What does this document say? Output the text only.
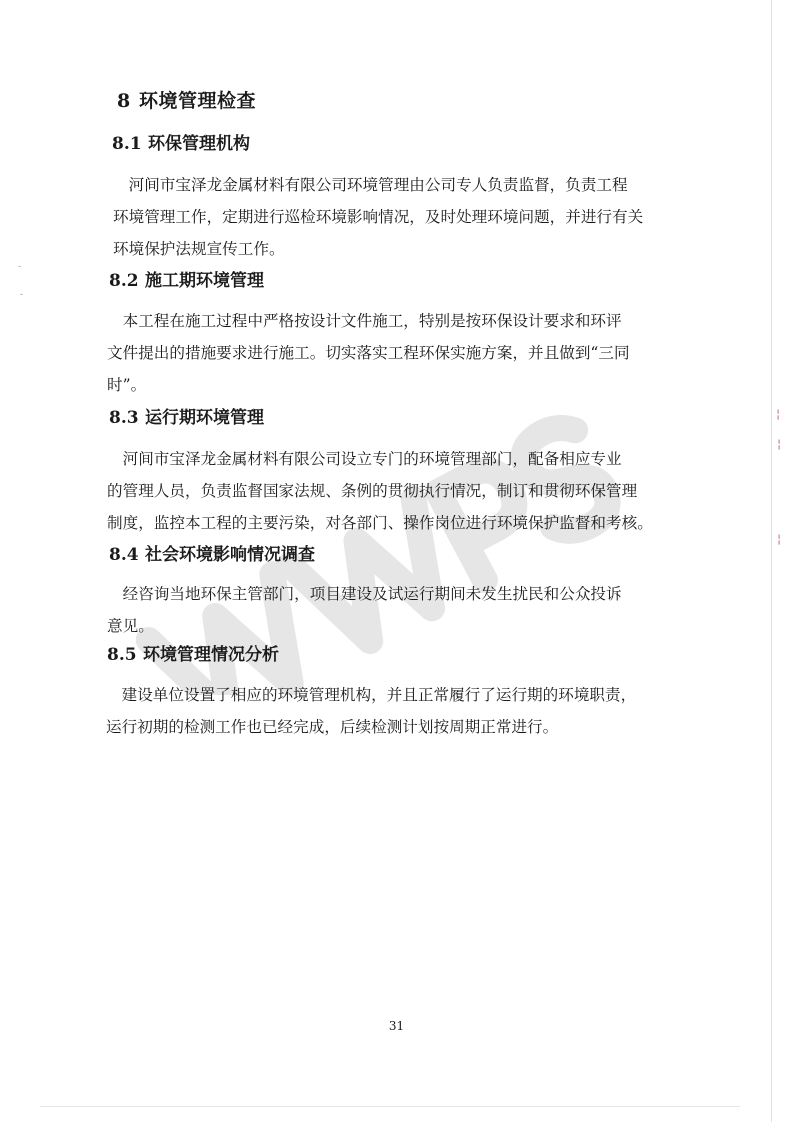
8 环境管理检查
8.1 环保管理机构
　河间市宝泽龙金属材料有限公司环境管理由公司专人负责监督，负责工程
环境管理工作，定期进行巡检环境影响情况，及时处理环境问题，并进行有关
环境保护法规宣传工作。
8.2 施工期环境管理
　本工程在施工过程中严格按设计文件施工，特别是按环保设计要求和环评
文件提出的措施要求进行施工。切实落实工程环保实施方案，并且做到“三同
时”。
8.3 运行期环境管理
　河间市宝泽龙金属材料有限公司设立专门的环境管理部门，配备相应专业
的管理人员，负责监督国家法规、条例的贯彻执行情况，制订和贯彻环保管理
制度，监控本工程的主要污染，对各部门、操作岗位进行环境保护监督和考核。
8.4 社会环境影响情况调查
　经咨询当地环保主管部门，项目建设及试运行期间未发生扰民和公众投诉
意见。
8.5 环境管理情况分析
　建设单位设置了相应的环境管理机构，并且正常履行了运行期的环境职责，
运行初期的检测工作也已经完成，后续检测计划按周期正常进行。
31
╎
╎
╎
-
-
